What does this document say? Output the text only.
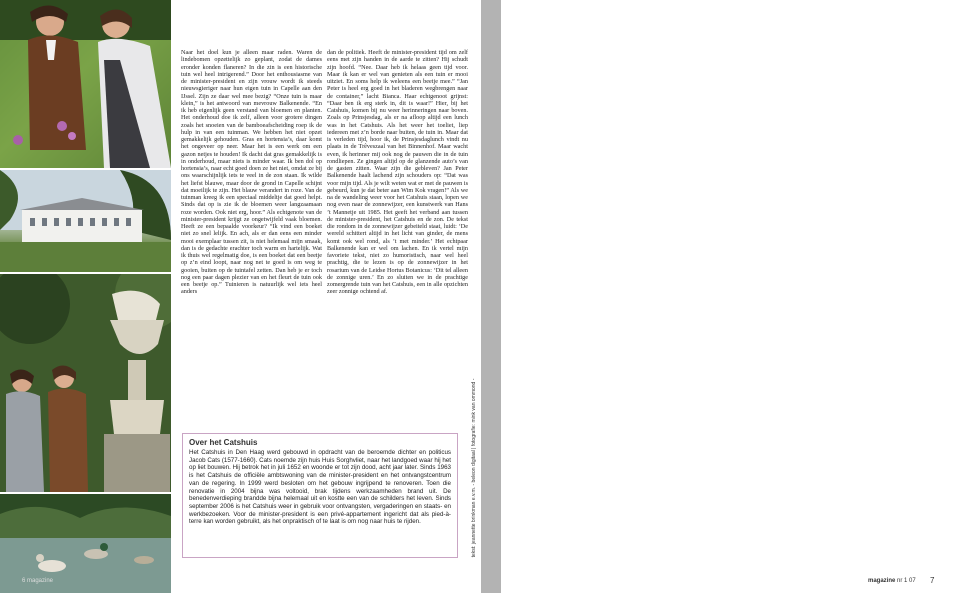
Naar het doel kun je alleen maar raden. Waren de lindebomen opzettelijk zo geplant, zodat de dames eronder konden flaneren? In die zin is een historische tuin wel heel intrigerend.” Door het enthousiasme van de minister-president en zijn vrouw wordt ik steeds nieuwsgieriger naar hun eigen tuin in Capelle aan den IJssel. Zijn ze daar wel mee bezig? “Onze tuin is maar klein,” is het antwoord van mevrouw Balkenende. “En ik heb eigenlijk geen verstand van bloemen en planten. Het onderhoud doe ik zelf, alleen voor grotere dingen zoals het snoeien van de bamboeafscheiding roep ik de hulp in van een tuinman. We hebben het niet opzet gemakkelijk gehouden. Gras en hortensia’s, daar komt het ongeveer op neer. Maar het is een werk om een gazon netjes te houden! Ik dacht dat gras gemakkelijk is in onderhoud, maar niets is minder waar. Ik ben dol op hortensia’s, naar echt goed doen ze het niet, omdat ze bij ons waarschijnlijk iets te veel in de zon staan. Ik wilde het liefst blauwe, maar door de grond in Capelle schijnt dat moeilijk te zijn. Het blauw verandert in roze. Van de tuinman kreeg ik een speciaal middeltje dat goed helpt. Sinds dat op is zie ik de bloemen weer langzaamaan roze worden. Ook niet erg, hoor.” Als echtgenote van de minister-president krijgt ze ongetwijfeld vaak bloemen. Heeft ze een bepaalde voorkeur? “Ik vind een boeket niet zo snel lelijk. En ach, als er dan eens een minder mooi exemplaar tussen zit, is niet helemaal mijn smaak, dan is de gedachte erachter toch warm en hartelijk. Wat ik thuis wel regelmatig doe, is een boeket dat een beetje op z’n eind loopt, naar nog net te goed is om weg te gooien, buiten op de tuintafel zetten. Dan heb je er toch nog een paar dagen plezier van en het fleurt de tuin ook een beetje op.” Tuinieren is natuurlijk wel iets heel anders

dan de politiek. Heeft de minister-president tijd om zelf eens met zijn handen in de aarde te zitten? Hij schudt zijn hoofd. “Nee. Daar heb ik helaas geen tijd voor. Maar ik kan er wel van genieten als een tuin er mooi uitziet. En soms help ik weleens een beetje mee.” “Jan Peter is heel erg goed in het bladeren wegbrengen naar de container,” lacht Bianca. Haar echtgenoot grijnst: “Daar ben ik erg sterk in, dit is waar!” Hier, bij het Catshuis, komen bij nu weer herinneringen naar boven. Zoals op Prinsjesdag, als er na afloop altijd een lunch was in het Catshuis. Als het weer het toeliet, liep iedereen met z’n borde naar buiten, de tuin in. Maar dat is verleden tijd, hoor ik, de Prinsjesdaglunch vindt nu plaats in de Trêveszaal van het Binnenhof. Maar wacht even, ik herinner mij ook nog de pauwen die in de tuin rondliepen. Ze gingen altijd op de glanzende auto’s van de gasten zitten. Waar zijn die gebleven? Jan Peter Balkenende haalt lachend zijn schouders op: “Dat was voor mijn tijd. Als je wilt weten wat er met de pauwen is gebeurd, kun je dat beter aan Wim Kok vragen!” Als we na de wandeling weer voor het Catshuis staan, lopen we nog even naar de zonnewijzer, een kunstwerk van Hans ’t Mannetje uit 1985. Het geeft het verband aan tussen de minister-president, het Catshuis en de zon. De tekst die rondom in de zonnewijzer gebeiteld staat, luidt: ‘De wereld schittert altijd in het licht van ginder, de mens komt ook wel rond, als ’t met minder.’ Het echtpaar Balkenende kan er wel om lachen. En ik vertel mijn favoriete tekst, niet zo humoristisch, naar wel heel prachtig, die te lezen is op de zonnewijzer in het rosarium van de Leidse Hortus Botanicus: ‘Dit tel alleen de zonnige uren.’ En zo sluiten we in de prachtige zomergrende tuin van het Catshuis, een in alle opzichten zeer zonnige ochtend af.

Over het Catshuis

Het Catshuis in Den Haag werd gebouwd in opdracht van de beroemde dichter en politicus Jacob Cats (1577-1660). Cats noemde zijn huis Huis Sorghvliet, naar het landgoed waar hij het op liet bouwen. Hij betrok het in juli 1652 en woonde er tot zijn dood, acht jaar later. Sinds 1963 is het Catshuis de officiële ambtswoning van de minister-president en het ontvangstcentrum van de regering. In 1999 werd besloten om het gebouw ingrijpend te renoveren. Toen die renovatie in 2004 bijna was voltooid, brak tijdens werkzaamheden brand uit. De benedenverdieping brandde bijna helemaal uit en kostte een van de schilders het leven. Sinds september 2006 is het Catshuis weer in gebruik voor ontvangsten, vergaderingen en staats- en werkbezoeken. Voor de minister-president is een privé-appartement ingericht dat als pied-à-terre kan worden gebruikt, als het onpraktisch of te laat is om nog naar huis te rijden.	tekst: jeannette brinkman e.v.m. - beleon digitaal | fotografie: mink van ommond -
6 magazine	magazine nr 1 07 7
